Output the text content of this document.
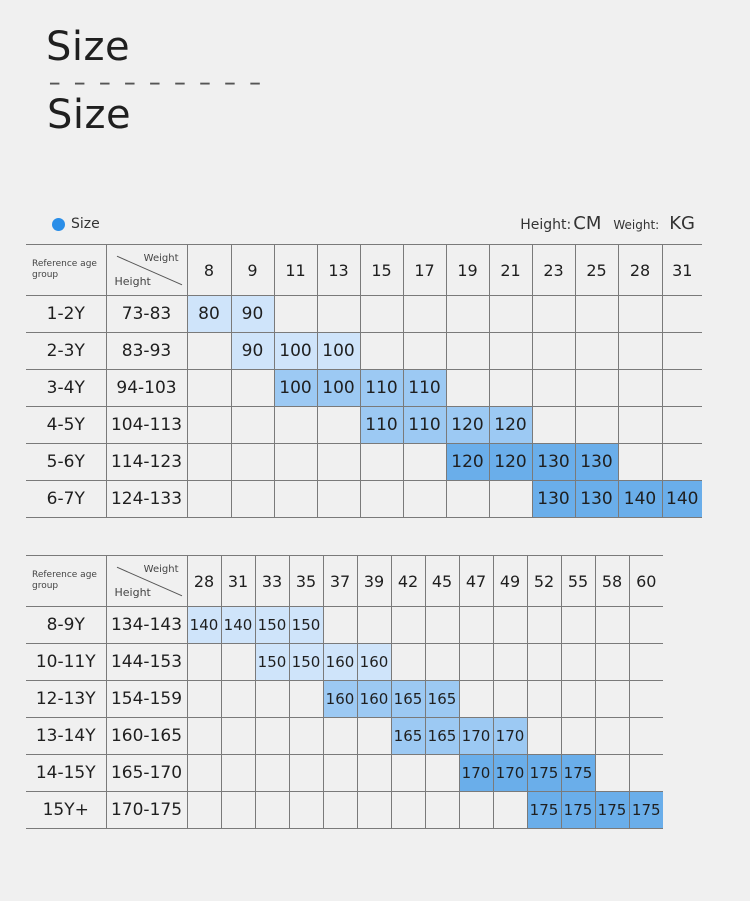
Size
▔ ▔ ▔ ▔ ▔ ▔ ▔ ▔ ▔
Size
Size	Height: CM Weight: KG
Reference age group	Weight
Height	8	9	11	13	15	17	19	21	23	25	28	31
1-2Y	73-83	80	90										
2-3Y	83-93		90	100	100								
3-4Y	94-103			100	100	110	110						
4-5Y	104-113					110	110	120	120				
5-6Y	114-123							120	120	130	130		
6-7Y	124-133									130	130	140	140
Reference age group	Weight
Height	28	31	33	35	37	39	42	45	47	49	52	55	58	60
8-9Y	134-143	140	140	150	150										
10-11Y	144-153			150	150	160	160								
12-13Y	154-159					160	160	165	165						
13-14Y	160-165							165	165	170	170				
14-15Y	165-170									170	170	175	175		
15Y+	170-175											175	175	175	175
